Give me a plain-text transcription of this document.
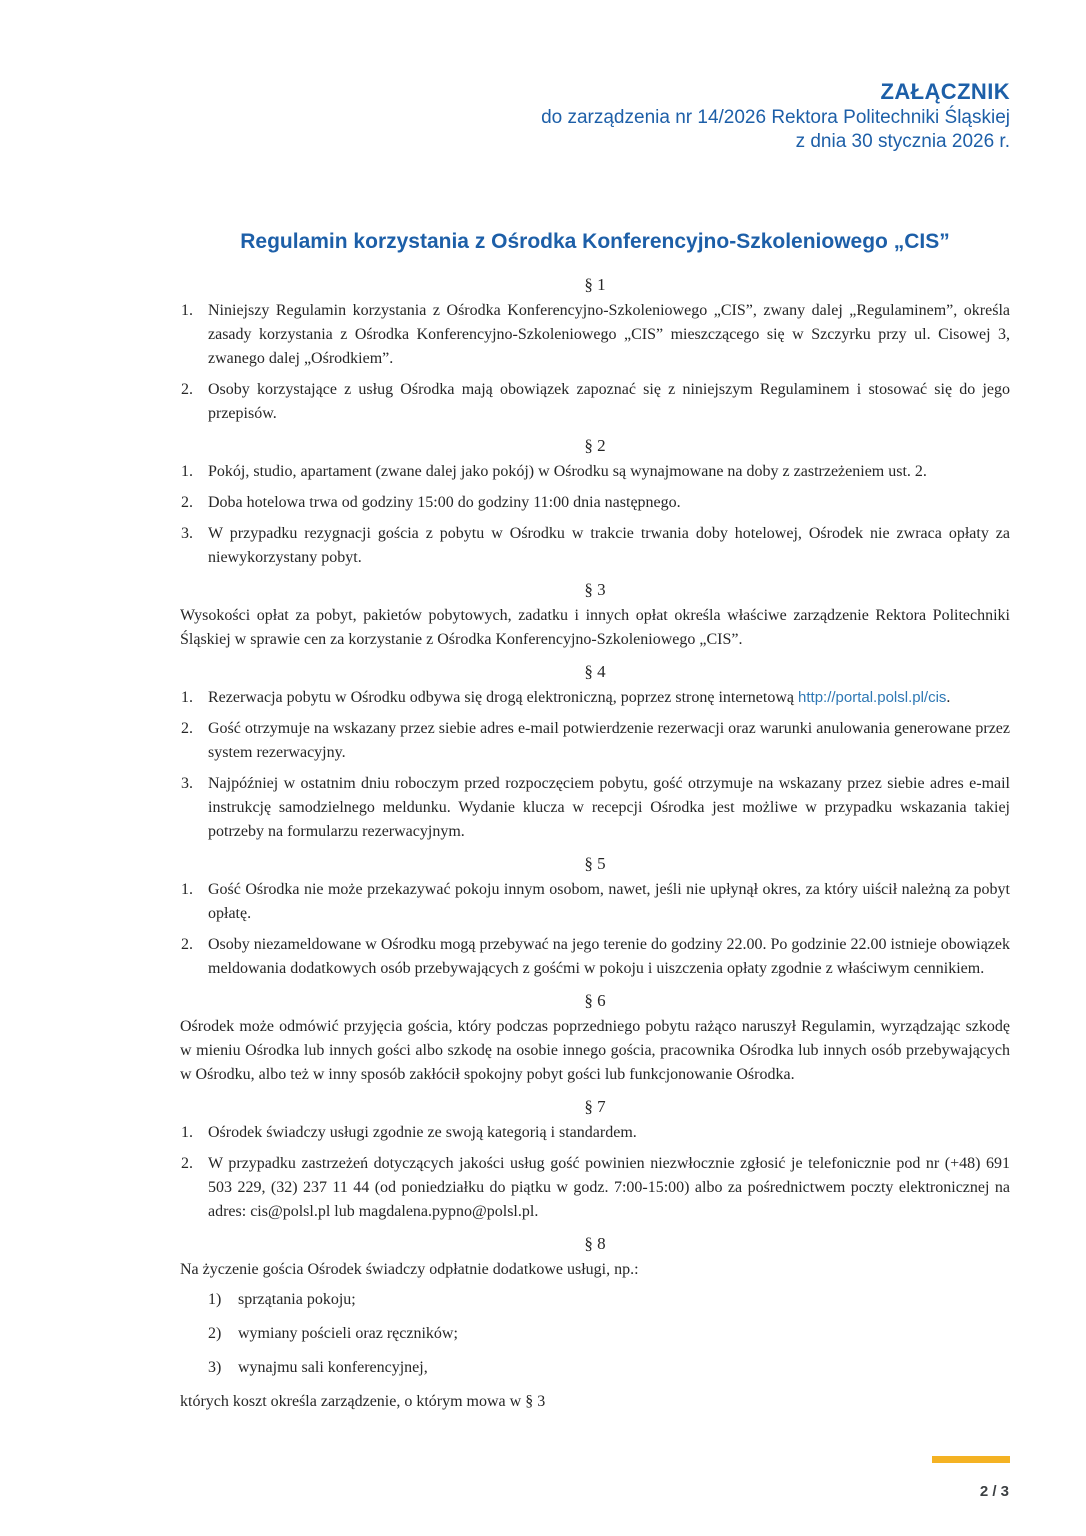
ZAŁĄCZNIK
do zarządzenia nr 14/2026 Rektora Politechniki Śląskiej
z dnia 30 stycznia 2026 r.
Regulamin korzystania z Ośrodka Konferencyjno-Szkoleniowego „CIS”
§ 1
Niniejszy Regulamin korzystania z Ośrodka Konferencyjno-Szkoleniowego „CIS”, zwany dalej „Regulaminem”, określa zasady korzystania z Ośrodka Konferencyjno-Szkoleniowego „CIS” mieszczącego się w Szczyrku przy ul. Cisowej 3, zwanego dalej „Ośrodkiem”.
Osoby korzystające z usług Ośrodka mają obowiązek zapoznać się z niniejszym Regulaminem i stosować się do jego przepisów.
§ 2
Pokój, studio, apartament (zwane dalej jako pokój) w Ośrodku są wynajmowane na doby z zastrzeżeniem ust. 2.
Doba hotelowa trwa od godziny 15:00 do godziny 11:00 dnia następnego.
W przypadku rezygnacji gościa z pobytu w Ośrodku w trakcie trwania doby hotelowej, Ośrodek nie zwraca opłaty za niewykorzystany pobyt.
§ 3

Wysokości opłat za pobyt, pakietów pobytowych, zadatku i innych opłat określa właściwe zarządzenie Rektora Politechniki Śląskiej w sprawie cen za korzystanie z Ośrodka Konferencyjno-Szkoleniowego „CIS”.

§ 4
Rezerwacja pobytu w Ośrodku odbywa się drogą elektroniczną, poprzez stronę internetową http://portal.polsl.pl/cis.
Gość otrzymuje na wskazany przez siebie adres e-mail potwierdzenie rezerwacji oraz warunki anulowania generowane przez system rezerwacyjny.
Najpóźniej w ostatnim dniu roboczym przed rozpoczęciem pobytu, gość otrzymuje na wskazany przez siebie adres e-mail instrukcję samodzielnego meldunku. Wydanie klucza w recepcji Ośrodka jest możliwe w przypadku wskazania takiej potrzeby na formularzu rezerwacyjnym.
§ 5
Gość Ośrodka nie może przekazywać pokoju innym osobom, nawet, jeśli nie upłynął okres, za który uiścił należną za pobyt opłatę.
Osoby niezameldowane w Ośrodku mogą przebywać na jego terenie do godziny 22.00. Po godzinie 22.00 istnieje obowiązek meldowania dodatkowych osób przebywających z gośćmi w pokoju i uiszczenia opłaty zgodnie z właściwym cennikiem.
§ 6

Ośrodek może odmówić przyjęcia gościa, który podczas poprzedniego pobytu rażąco naruszył Regulamin, wyrządzając szkodę w mieniu Ośrodka lub innych gości albo szkodę na osobie innego gościa, pracownika Ośrodka lub innych osób przebywających w Ośrodku, albo też w inny sposób zakłócił spokojny pobyt gości lub funkcjonowanie Ośrodka.

§ 7
Ośrodek świadczy usługi zgodnie ze swoją kategorią i standardem.
W przypadku zastrzeżeń dotyczących jakości usług gość powinien niezwłocznie zgłosić je telefonicznie pod nr (+48) 691 503 229, (32) 237 11 44 (od poniedziałku do piątku w godz. 7:00-15:00) albo za pośrednictwem poczty elektronicznej na adres: cis@polsl.pl lub magdalena.pypno@polsl.pl.
§ 8

Na życzenie gościa Ośrodek świadczy odpłatnie dodatkowe usługi, np.:

sprzątania pokoju;
wymiany pościeli oraz ręczników;
wynajmu sali konferencyjnej,

których koszt określa zarządzenie, o którym mowa w § 3

2 / 3
